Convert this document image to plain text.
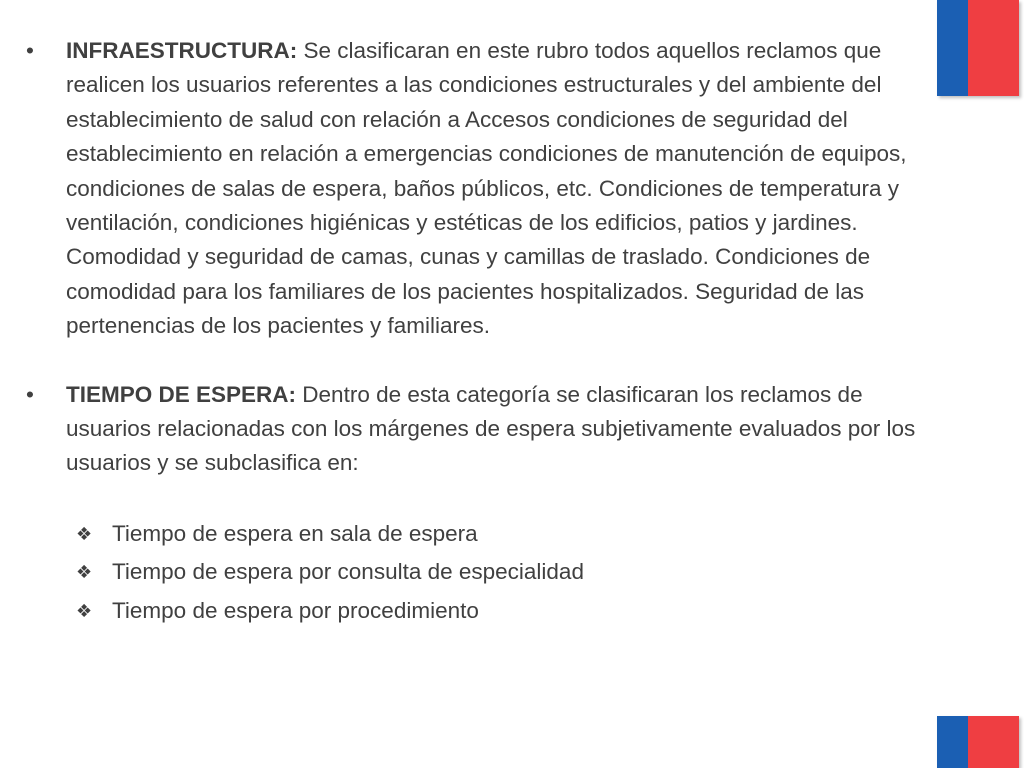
•	INFRAESTRUCTURA: Se clasificaran en este rubro todos aquellos reclamos que realicen los usuarios referentes a las condiciones estructurales y del ambiente del establecimiento de salud con relación a Accesos condiciones de seguridad del establecimiento en relación a emergencias condiciones de manutención de equipos, condiciones de salas de espera, baños públicos, etc. Condiciones de temperatura y ventilación, condiciones higiénicas y estéticas de los edificios, patios y jardines. Comodidad y seguridad de camas, cunas y camillas de traslado. Condiciones de comodidad para los familiares de los pacientes hospitalizados. Seguridad de las pertenencias de los pacientes y familiares.

•	TIEMPO DE ESPERA: Dentro de esta categoría se clasificaran los reclamos de usuarios relacionadas con los márgenes de espera subjetivamente evaluados por los usuarios y se subclasifica en:

❖ Tiempo de espera en sala de espera
❖ Tiempo de espera por consulta de especialidad
❖ Tiempo de espera por procedimiento
